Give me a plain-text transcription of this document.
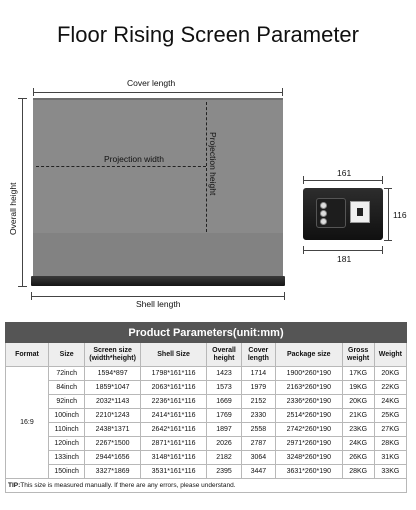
Floor Rising Screen Parameter
Cover length
Overall height
Projection width	Projection height
Shell length
161
116
181
Product Parameters(unit:mm)								
Format	Size	Screen size (width*height)	Shell Size	Overall height	Cover length	Package size	Gross weight	Weight
16:9	72inch	1594*897	1798*161*116	1423	1714	1900*260*190	17KG	20KG
	84inch	1859*1047	2063*161*116	1573	1979	2163*260*190	19KG	22KG
	92inch	2032*1143	2236*161*116	1669	2152	2336*260*190	20KG	24KG
	100inch	2210*1243	2414*161*116	1769	2330	2514*260*190	21KG	25KG
	110inch	2438*1371	2642*161*116	1897	2558	2742*260*190	23KG	27KG
	120inch	2267*1500	2871*161*116	2026	2787	2971*260*190	24KG	28KG
	133inch	2944*1656	3148*161*116	2182	3064	3248*260*190	26KG	31KG
	150inch	3327*1869	3531*161*116	2395	3447	3631*260*190	28KG	33KG
TIP:This size is measured manually. If there are any errors, please understand.								
